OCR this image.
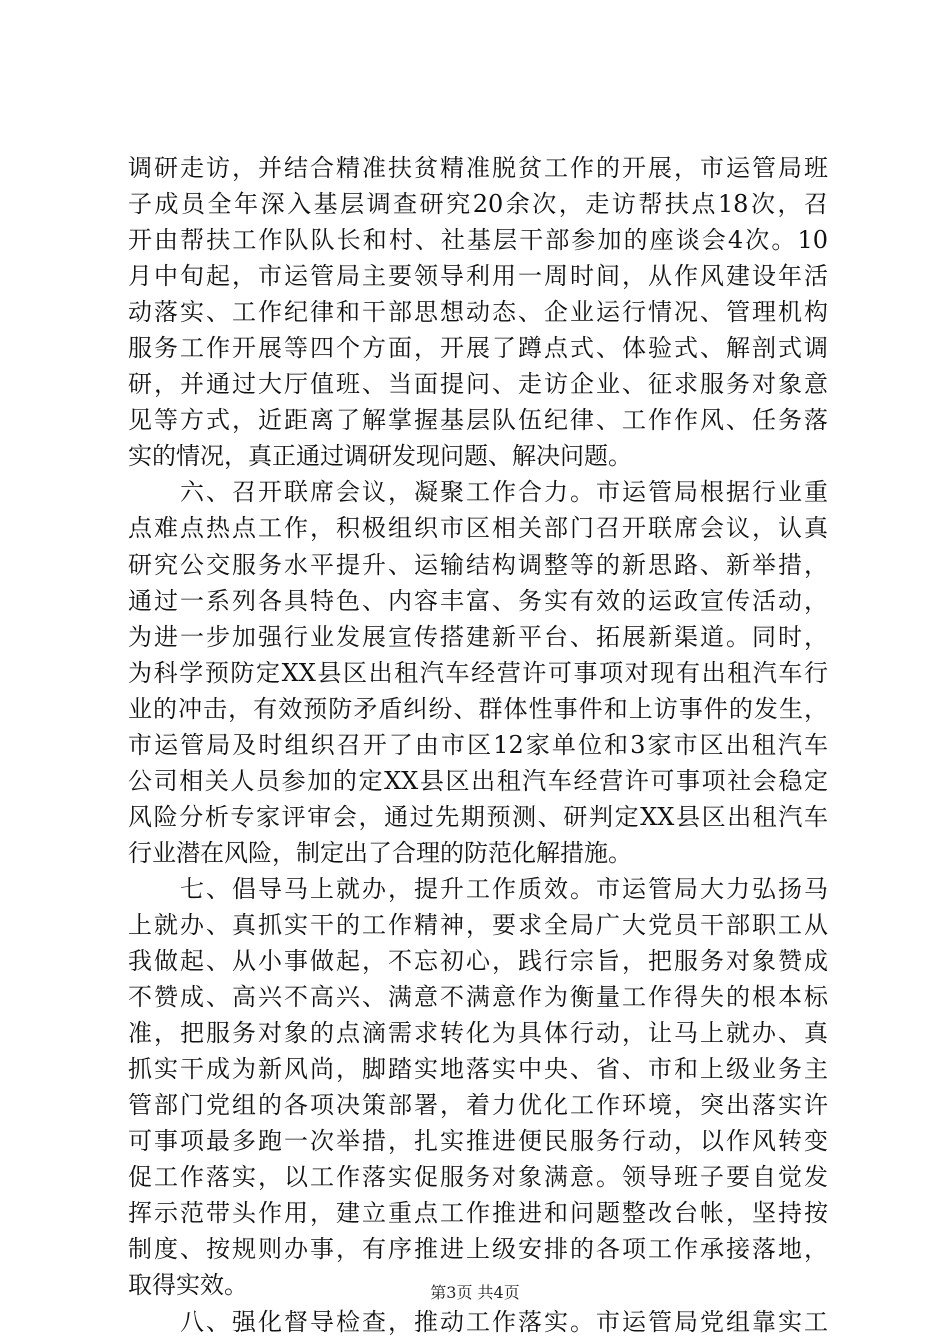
调研走访，并结合精准扶贫精准脱贫工作的开展，市运管局班
子成员全年深入基层调查研究20余次，走访帮扶点18次，召
开由帮扶工作队队长和村、社基层干部参加的座谈会4次。10
月中旬起，市运管局主要领导利用一周时间，从作风建设年活
动落实、工作纪律和干部思想动态、企业运行情况、管理机构
服务工作开展等四个方面，开展了蹲点式、体验式、解剖式调
研，并通过大厅值班、当面提问、走访企业、征求服务对象意
见等方式，近距离了解掌握基层队伍纪律、工作作风、任务落
实的情况，真正通过调研发现问题、解决问题。
　　六、召开联席会议，凝聚工作合力。市运管局根据行业重
点难点热点工作，积极组织市区相关部门召开联席会议，认真
研究公交服务水平提升、运输结构调整等的新思路、新举措，
通过一系列各具特色、内容丰富、务实有效的运政宣传活动，
为进一步加强行业发展宣传搭建新平台、拓展新渠道。同时，
为科学预防定XX县区出租汽车经营许可事项对现有出租汽车行
业的冲击，有效预防矛盾纠纷、群体性事件和上访事件的发生，
市运管局及时组织召开了由市区12家单位和3家市区出租汽车
公司相关人员参加的定XX县区出租汽车经营许可事项社会稳定
风险分析专家评审会，通过先期预测、研判定XX县区出租汽车
行业潜在风险，制定出了合理的防范化解措施。
　　七、倡导马上就办，提升工作质效。市运管局大力弘扬马
上就办、真抓实干的工作精神，要求全局广大党员干部职工从
我做起、从小事做起，不忘初心，践行宗旨，把服务对象赞成
不赞成、高兴不高兴、满意不满意作为衡量工作得失的根本标
准，把服务对象的点滴需求转化为具体行动，让马上就办、真
抓实干成为新风尚，脚踏实地落实中央、省、市和上级业务主
管部门党组的各项决策部署，着力优化工作环境，突出落实许
可事项最多跑一次举措，扎实推进便民服务行动，以作风转变
促工作落实，以工作落实促服务对象满意。领导班子要自觉发
挥示范带头作用，建立重点工作推进和问题整改台帐，坚持按
制度、按规则办事，有序推进上级安排的各项工作承接落地，
取得实效。
　　八、强化督导检查，推动工作落实。市运管局党组靠实工
第3页 共4页
